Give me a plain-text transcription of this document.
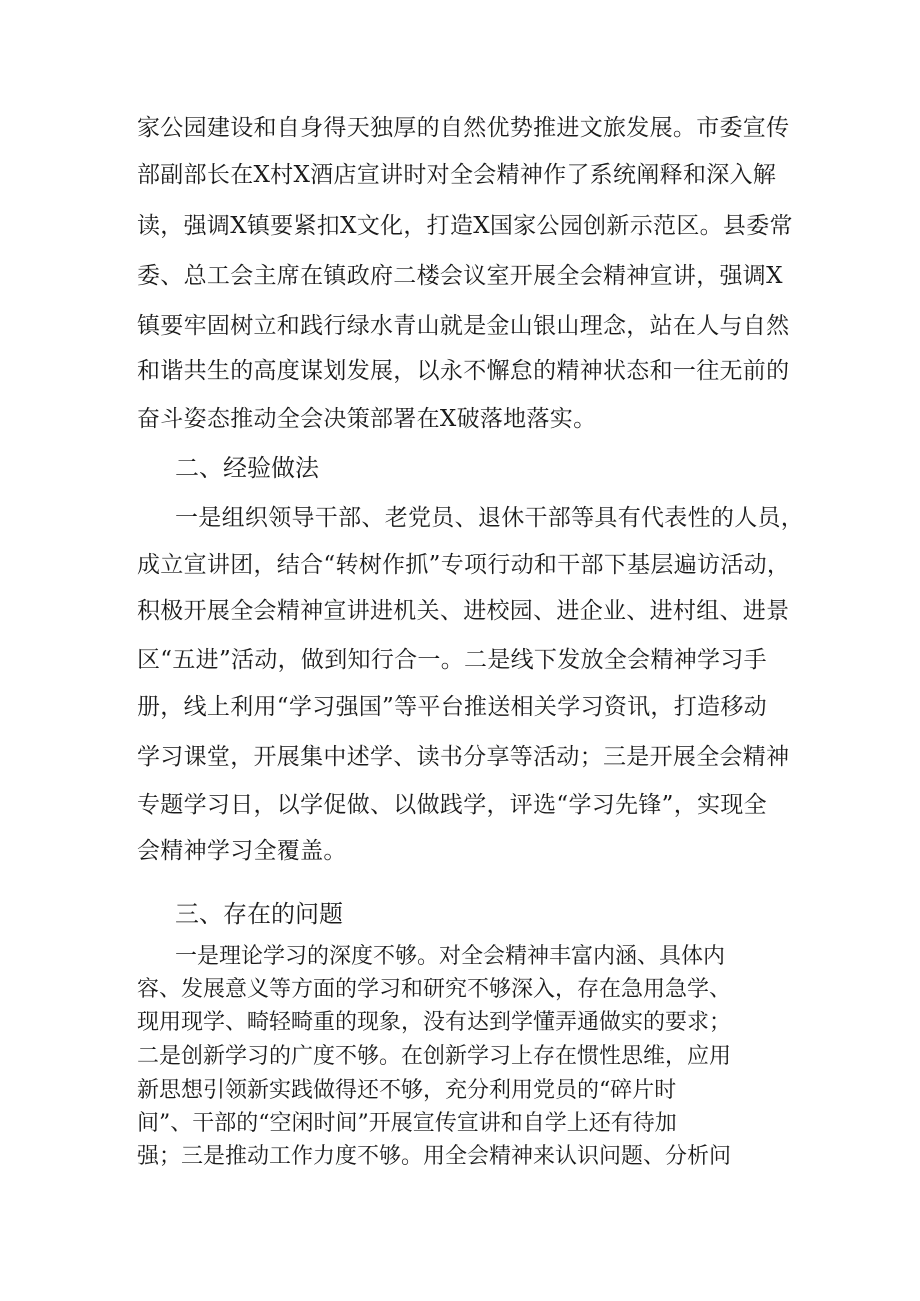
家公园建设和自身得天独厚的自然优势推进文旅发展。市委宣传
部副部长在X村X酒店宣讲时对全会精神作了系统阐释和深入解
读，强调X镇要紧扣X文化，打造X国家公园创新示范区。县委常
委、总工会主席在镇政府二楼会议室开展全会精神宣讲，强调X
镇要牢固树立和践行绿水青山就是金山银山理念，站在人与自然
和谐共生的高度谋划发展，以永不懈怠的精神状态和一往无前的
奋斗姿态推动全会决策部署在X破落地落实。
二、经验做法
一是组织领导干部、老党员、退休干部等具有代表性的人员，
成立宣讲团，结合“转树作抓”专项行动和干部下基层遍访活动，
积极开展全会精神宣讲进机关、进校园、进企业、进村组、进景
区“五进”活动，做到知行合一。二是线下发放全会精神学习手
册，线上利用“学习强国”等平台推送相关学习资讯，打造移动
学习课堂，开展集中述学、读书分享等活动；三是开展全会精神
专题学习日，以学促做、以做践学，评选“学习先锋”，实现全
会精神学习全覆盖。
三、存在的问题
一是理论学习的深度不够。对全会精神丰富内涵、具体内
容、发展意义等方面的学习和研究不够深入，存在急用急学、
现用现学、畸轻畸重的现象，没有达到学懂弄通做实的要求；
二是创新学习的广度不够。在创新学习上存在惯性思维，应用
新思想引领新实践做得还不够，充分利用党员的“碎片时
间”、干部的“空闲时间”开展宣传宣讲和自学上还有待加
强；三是推动工作力度不够。用全会精神来认识问题、分析问
